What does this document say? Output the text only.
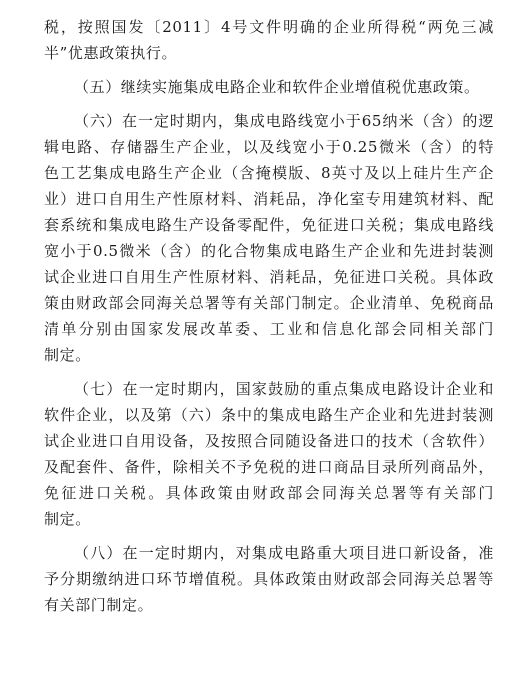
税，按照国发〔2011〕4号文件明确的企业所得税“两免三减
半”优惠政策执行。

（五）继续实施集成电路企业和软件企业增值税优惠政策。

（六）在一定时期内，集成电路线宽小于65纳米（含）的逻
辑电路、存储器生产企业，以及线宽小于0.25微米（含）的特
色工艺集成电路生产企业（含掩模版、8英寸及以上硅片生产企
业）进口自用生产性原材料、消耗品，净化室专用建筑材料、配
套系统和集成电路生产设备零配件，免征进口关税；集成电路线
宽小于0.5微米（含）的化合物集成电路生产企业和先进封装测
试企业进口自用生产性原材料、消耗品，免征进口关税。具体政
策由财政部会同海关总署等有关部门制定。企业清单、免税商品
清单分别由国家发展改革委、工业和信息化部会同相关部门
制定。

（七）在一定时期内，国家鼓励的重点集成电路设计企业和
软件企业，以及第（六）条中的集成电路生产企业和先进封装测
试企业进口自用设备，及按照合同随设备进口的技术（含软件）
及配套件、备件，除相关不予免税的进口商品目录所列商品外，
免征进口关税。具体政策由财政部会同海关总署等有关部门
制定。

（八）在一定时期内，对集成电路重大项目进口新设备，准
予分期缴纳进口环节增值税。具体政策由财政部会同海关总署等
有关部门制定。
